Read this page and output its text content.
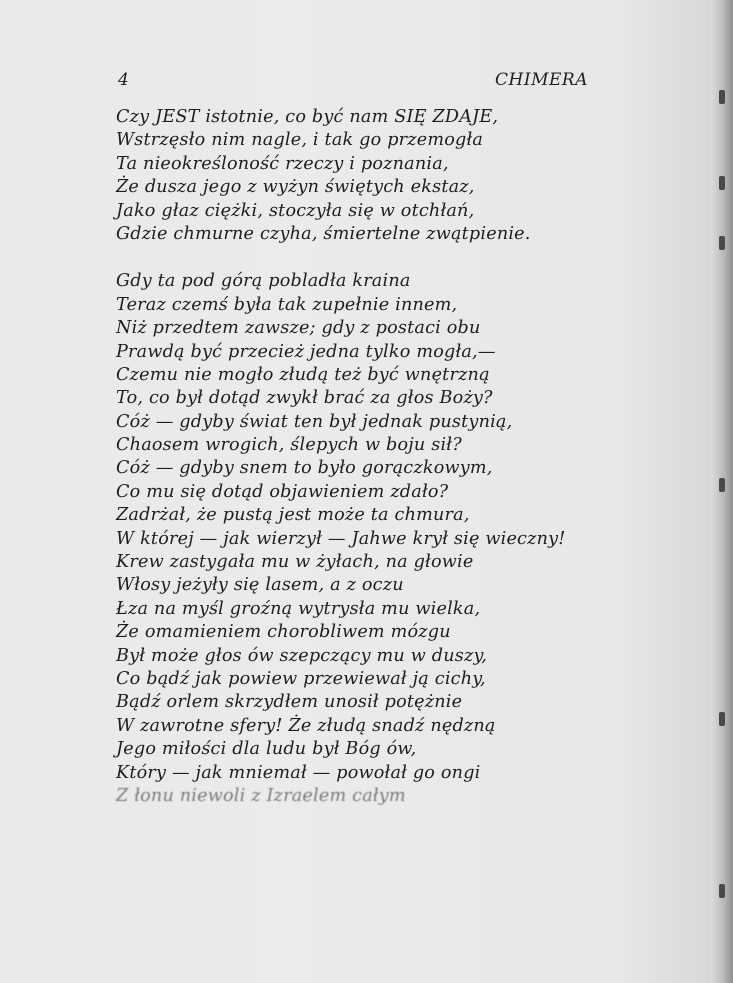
4	CHIMERA
Czy JEST istotnie, co być nam SIĘ ZDAJE,
Wstrzęsło nim nagle, i tak go przemogła
Ta nieokreśloność rzeczy i poznania,
Że dusza jego z wyżyn świętych ekstaz,
Jako głaz ciężki, stoczyła się w otchłań,
Gdzie chmurne czyha, śmiertelne zwątpienie.
Gdy ta pod górą pobladła kraina
Teraz czemś była tak zupełnie innem,
Niż przedtem zawsze; gdy z postaci obu
Prawdą być przecież jedna tylko mogła,—
Czemu nie mogło złudą też być wnętrzną
To, co był dotąd zwykł brać za głos Boży?
Cóż — gdyby świat ten był jednak pustynią,
Chaosem wrogich, ślepych w boju sił?
Cóż — gdyby snem to było gorączkowym,
Co mu się dotąd objawieniem zdało?
Zadrżał, że pustą jest może ta chmura,
W której — jak wierzył — Jahwe krył się wieczny!
Krew zastygała mu w żyłach, na głowie
Włosy jeżyły się lasem, a z oczu
Łza na myśl groźną wytrysła mu wielka,
Że omamieniem chorobliwem mózgu
Był może głos ów szepczący mu w duszy,
Co bądź jak powiew przewiewał ją cichy,
Bądź orlem skrzydłem unosił potężnie
W zawrotne sfery! Że złudą snadź nędzną
Jego miłości dla ludu był Bóg ów,
Który — jak mniemał — powołał go ongi
Z łonu niewoli z Izraelem całym
